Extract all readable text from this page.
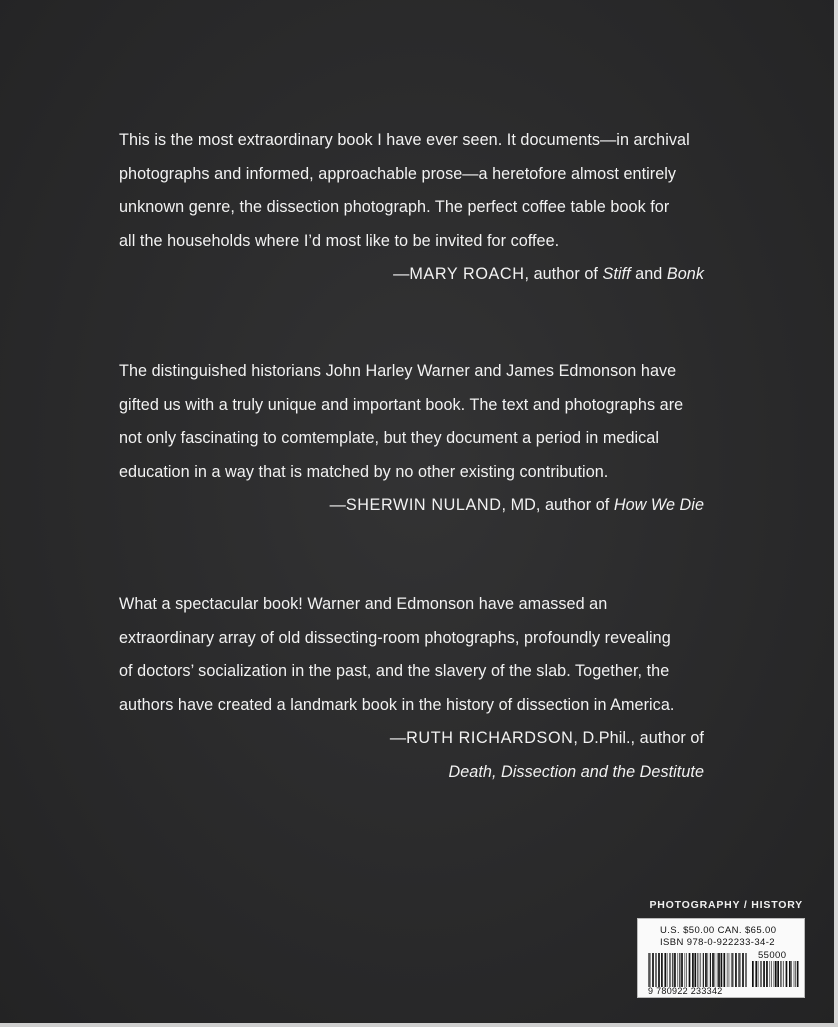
This is the most extraordinary book I have ever seen. It documents—in archival
photographs and informed, approachable prose—a heretofore almost entirely
unknown genre, the dissection photograph. The perfect coffee table book for
all the households where I’d most like to be invited for coffee.
—MARY ROACH, author of Stiff and Bonk
The distinguished historians John Harley Warner and James Edmonson have
gifted us with a truly unique and important book. The text and photographs are
not only fascinating to comtemplate, but they document a period in medical
education in a way that is matched by no other existing contribution.
—SHERWIN NULAND, MD, author of How We Die
What a spectacular book! Warner and Edmonson have amassed an
extraordinary array of old dissecting-room photographs, profoundly revealing
of doctors’ socialization in the past, and the slavery of the slab. Together, the
authors have created a landmark book in the history of dissection in America.
—RUTH RICHARDSON, D.Phil., author of
Death, Dissection and the Destitute
PHOTOGRAPHY / HISTORY
U.S. $50.00 CAN. $65.00
ISBN 978-0-922233-34-2
55000
9 780922 233342
